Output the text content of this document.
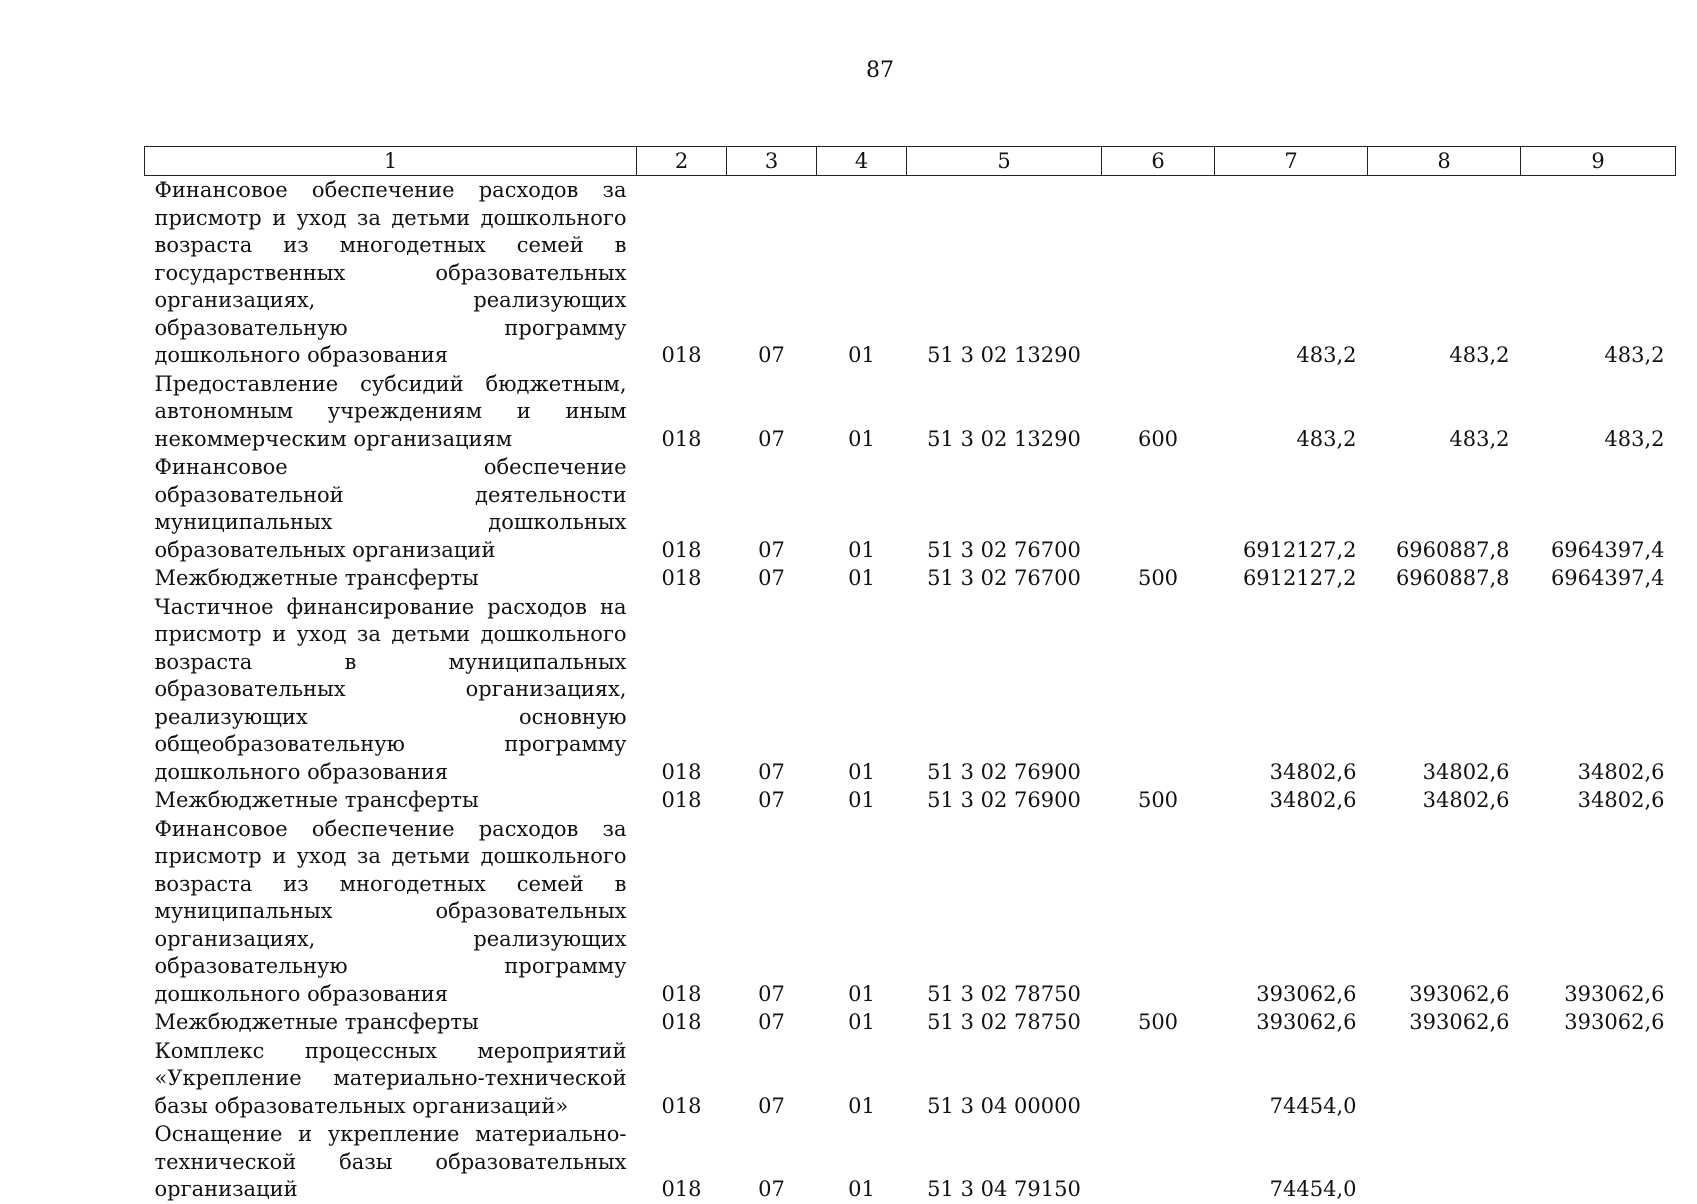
87
1	2	3	4	5	6	7	8	9
Финансовое обеспечение расходов за присмотр и уход за детьми дошкольного возраста из многодетных семей в государственных образовательных организациях, реализующих образовательную программу дошкольного образования	018	07	01	51 3 02 13290		483,2	483,2	483,2
Предоставление субсидий бюджетным, автономным учреждениям и иным некоммерческим организациям	018	07	01	51 3 02 13290	600	483,2	483,2	483,2
Финансовое обеспечение образовательной деятельности муниципальных дошкольных образовательных организаций	018	07	01	51 3 02 76700		6912127,2	6960887,8	6964397,4
Межбюджетные трансферты	018	07	01	51 3 02 76700	500	6912127,2	6960887,8	6964397,4
Частичное финансирование расходов на присмотр и уход за детьми дошкольного возраста в муниципальных образовательных организациях, реализующих основную общеобразовательную программу дошкольного образования	018	07	01	51 3 02 76900		34802,6	34802,6	34802,6
Межбюджетные трансферты	018	07	01	51 3 02 76900	500	34802,6	34802,6	34802,6
Финансовое обеспечение расходов за присмотр и уход за детьми дошкольного возраста из многодетных семей в муниципальных образовательных организациях, реализующих образовательную программу дошкольного образования	018	07	01	51 3 02 78750		393062,6	393062,6	393062,6
Межбюджетные трансферты	018	07	01	51 3 02 78750	500	393062,6	393062,6	393062,6
Комплекс процессных мероприятий «Укрепление материально-технической базы образовательных организаций»	018	07	01	51 3 04 00000		74454,0		
Оснащение и укрепление материально-технической базы образовательных организаций	018	07	01	51 3 04 79150		74454,0		
